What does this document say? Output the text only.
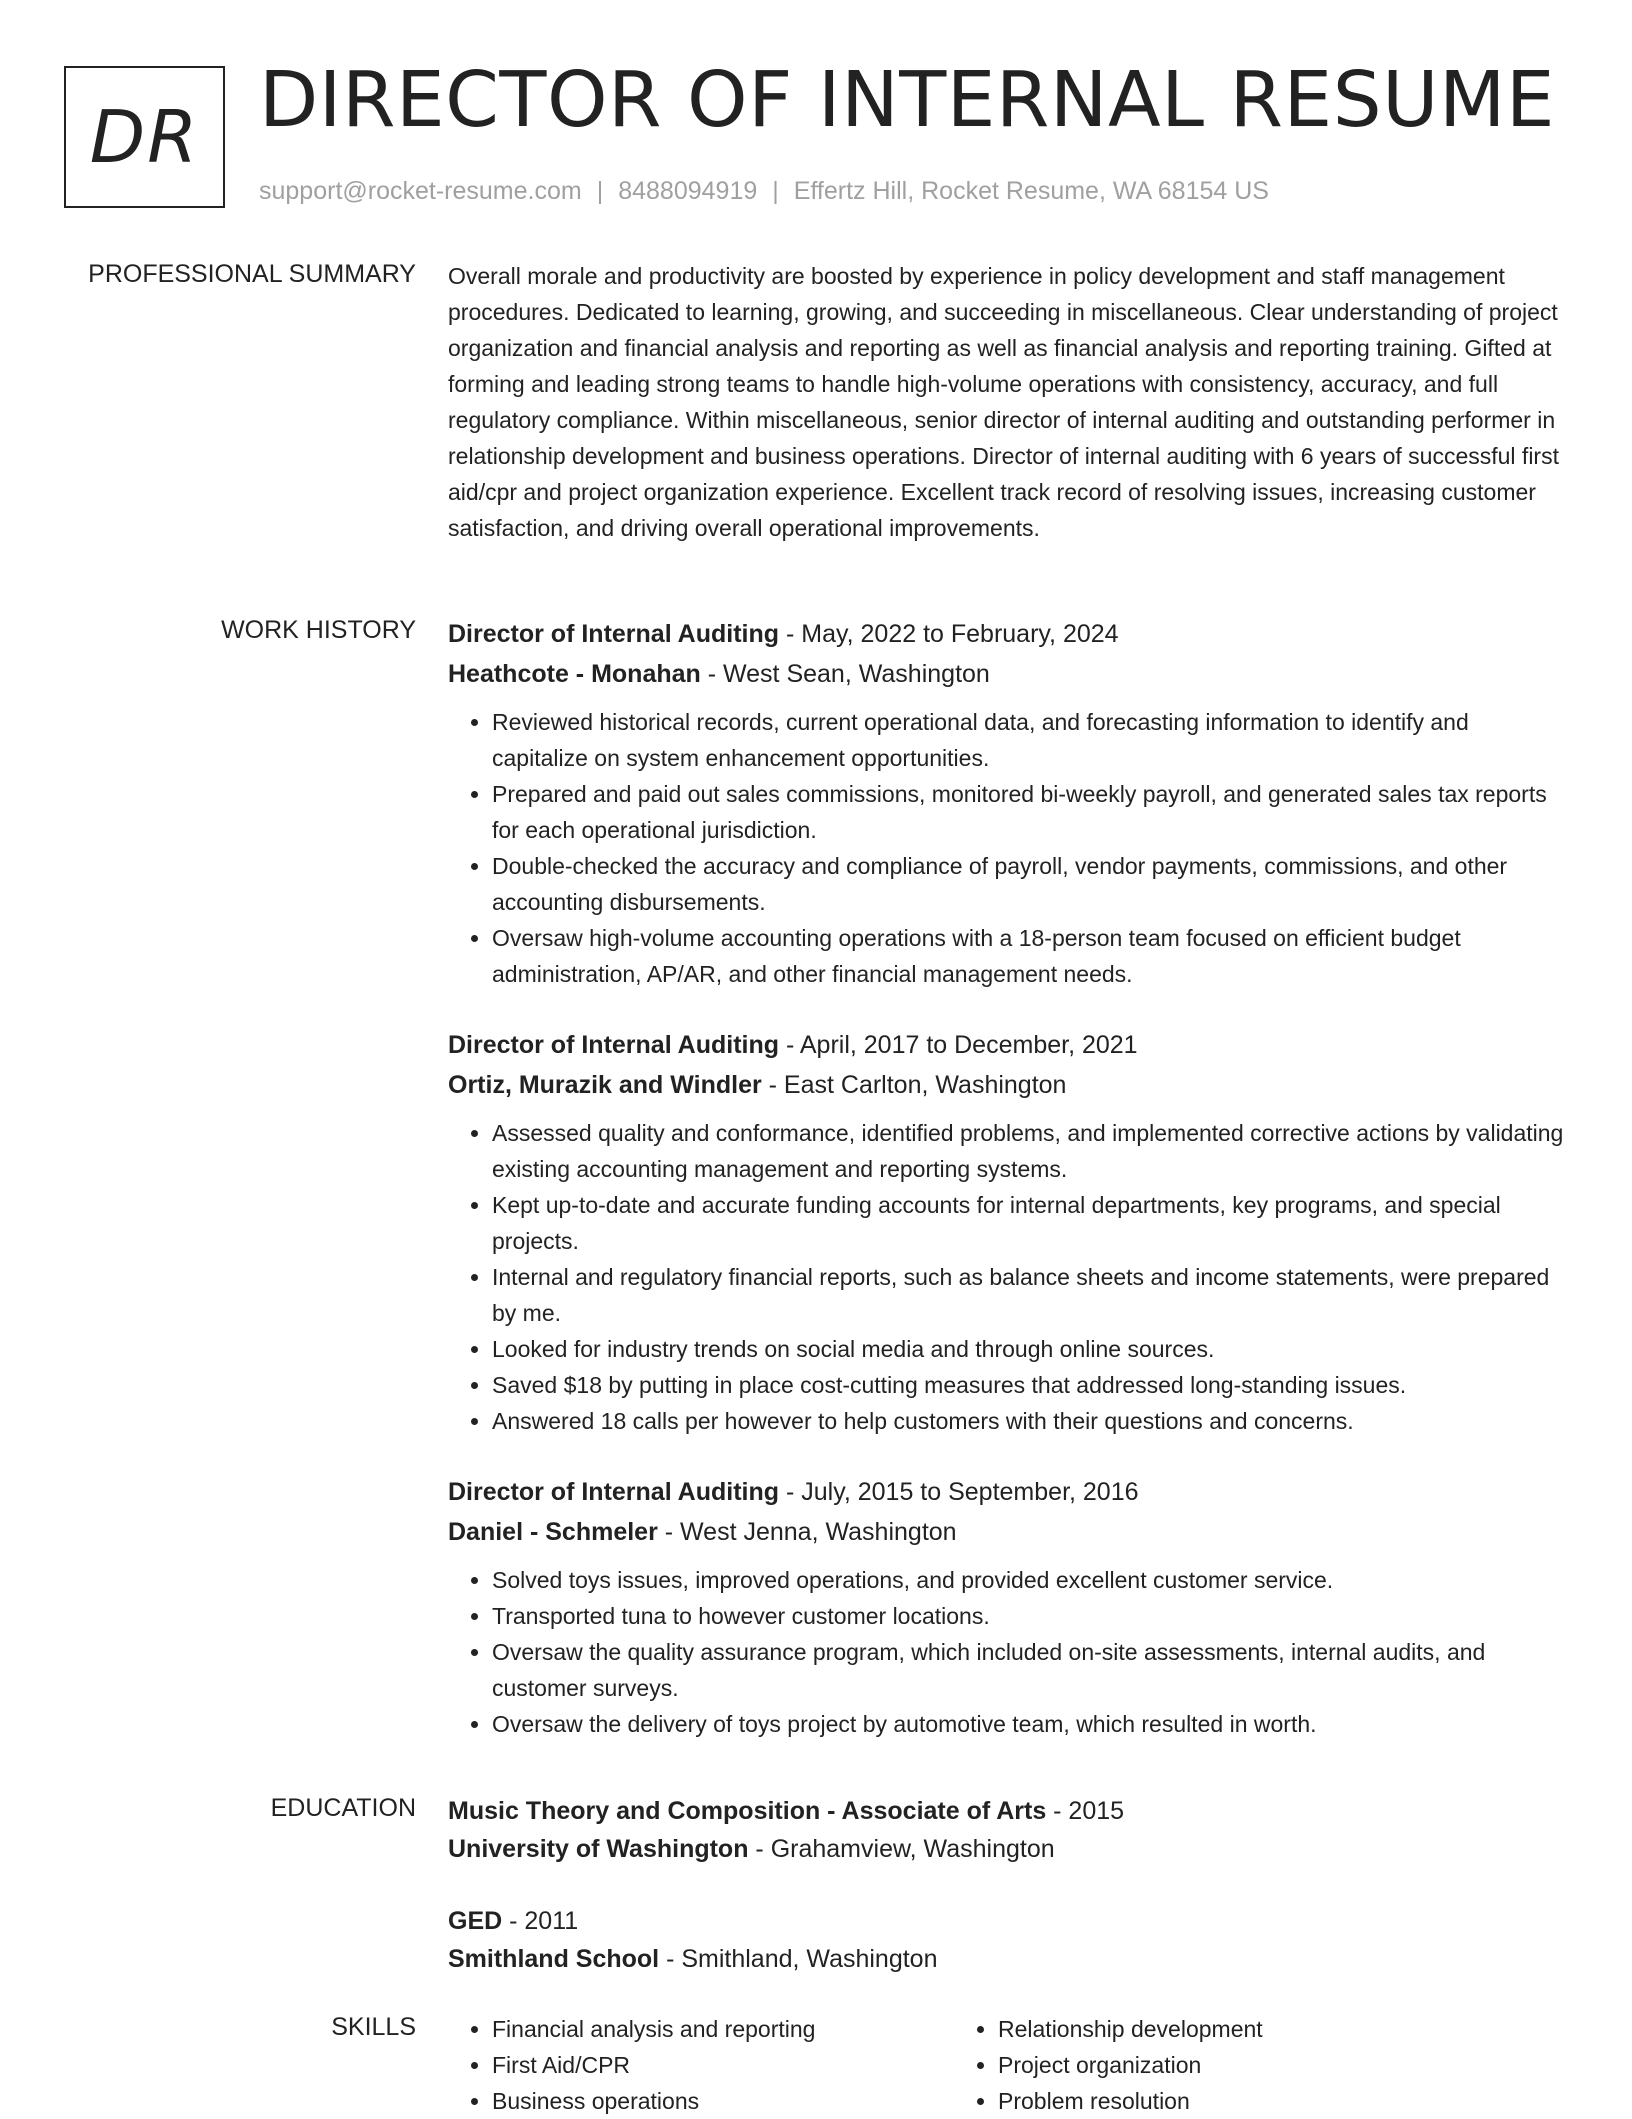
DR DIRECTOR OF INTERNAL RESUME
support@rocket-resume.com | 8488094919 | Effertz Hill, Rocket Resume, WA 68154 US
PROFESSIONAL SUMMARY Overall morale and productivity are boosted by experience in policy development and staff management procedures. Dedicated to learning, growing, and succeeding in miscellaneous. Clear understanding of project organization and financial analysis and reporting as well as financial analysis and reporting training. Gifted at forming and leading strong teams to handle high-volume operations with consistency, accuracy, and full regulatory compliance. Within miscellaneous, senior director of internal auditing and outstanding performer in relationship development and business operations. Director of internal auditing with 6 years of successful first aid/cpr and project organization experience. Excellent track record of resolving issues, increasing customer satisfaction, and driving overall operational improvements.

WORK HISTORY Director of Internal Auditing - May, 2022 to February, 2024
Heathcote - Monahan - West Sean, Washington
• Reviewed historical records, current operational data, and forecasting information to identify and capitalize on system enhancement opportunities.
• Prepared and paid out sales commissions, monitored bi-weekly payroll, and generated sales tax reports for each operational jurisdiction.
• Double-checked the accuracy and compliance of payroll, vendor payments, commissions, and other accounting disbursements.
• Oversaw high-volume accounting operations with a 18-person team focused on efficient budget administration, AP/AR, and other financial management needs.
Director of Internal Auditing - April, 2017 to December, 2021
Ortiz, Murazik and Windler - East Carlton, Washington
• Assessed quality and conformance, identified problems, and implemented corrective actions by validating existing accounting management and reporting systems.
• Kept up-to-date and accurate funding accounts for internal departments, key programs, and special projects.
• Internal and regulatory financial reports, such as balance sheets and income statements, were prepared by me.
• Looked for industry trends on social media and through online sources.
• Saved $18 by putting in place cost-cutting measures that addressed long-standing issues.
• Answered 18 calls per however to help customers with their questions and concerns.
Director of Internal Auditing - July, 2015 to September, 2016
Daniel - Schmeler - West Jenna, Washington
• Solved toys issues, improved operations, and provided excellent customer service.
• Transported tuna to however customer locations.
• Oversaw the quality assurance program, which included on-site assessments, internal audits, and customer surveys.
• Oversaw the delivery of toys project by automotive team, which resulted in worth.
EDUCATION Music Theory and Composition - Associate of Arts - 2015
University of Washington - Grahamview, Washington
GED - 2011
Smithland School - Smithland, Washington
SKILLS
•	Financial analysis and reporting
• First Aid/CPR
• Business operations
• Relationship development
• Project organization
• Problem resolution
